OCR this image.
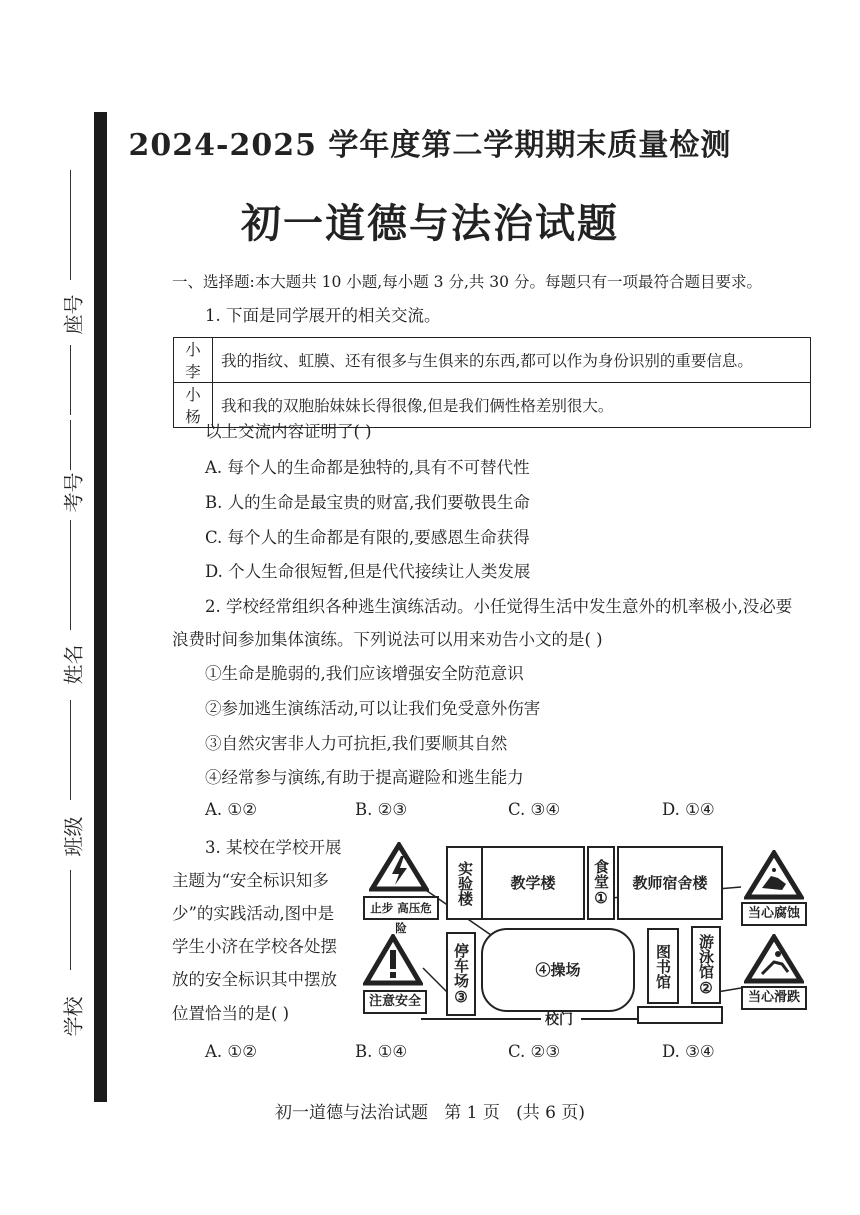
座号
考号
姓名
班级
学校
2024-2025 学年度第二学期期末质量检测
初一道德与法治试题
一、选择题:本大题共 10 小题,每小题 3 分,共 30 分。每题只有一项最符合题目要求。
1. 下面是同学展开的相关交流。
小李	我的指纹、虹膜、还有很多与生俱来的东西,都可以作为身份识别的重要信息。
小杨	我和我的双胞胎妹妹长得很像,但是我们俩性格差别很大。
以上交流内容证明了( )
A. 每个人的生命都是独特的,具有不可替代性
B. 人的生命是最宝贵的财富,我们要敬畏生命
C. 每个人的生命都是有限的,要感恩生命获得
D. 个人生命很短暂,但是代代接续让人类发展
2. 学校经常组织各种逃生演练活动。小任觉得生活中发生意外的机率极小,没必要
浪费时间参加集体演练。下列说法可以用来劝告小文的是( )
①生命是脆弱的,我们应该增强安全防范意识
②参加逃生演练活动,可以让我们免受意外伤害
③自然灾害非人力可抗拒,我们要顺其自然
④经常参与演练,有助于提高避险和逃生能力
A. ①②	B. ②③	C. ③④	D. ①④
3. 某校在学校开展
主题为“安全标识知多
少”的实践活动,图中是
学生小济在学校各处摆
放的安全标识其中摆放
位置恰当的是( )
止步 高压危险
注意安全
实验楼	教学楼	食堂
①
教师宿舍楼
停车场
③
④操场	图书馆	游泳馆
②
校门
当心腐蚀
当心滑跌
A. ①②	B. ①④	C. ②③	D. ③④
初一道德与法治试题   第 1 页   (共 6 页)
